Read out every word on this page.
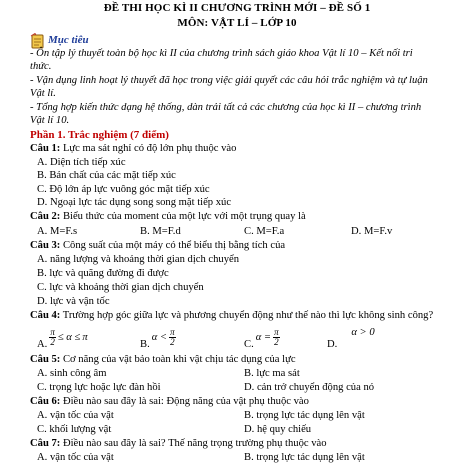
ĐỀ THI HỌC KÌ II CHƯƠNG TRÌNH MỚI – ĐỀ SỐ 1
MÔN: VẬT LÍ – LỚP 10
Mục tiêu
- Ôn tập lý thuyết toàn bộ học kì II của chương trình sách giáo khoa Vật lí 10 – Kết nối tri
thức.
- Vận dụng linh hoạt lý thuyết đã học trong việc giải quyết các câu hỏi trắc nghiệm và tự luận
Vật lí.
- Tổng hợp kiến thức dạng hệ thống, dàn trải tất cả các chương của học kì II – chương trình
Vật lí 10.
Phần 1. Trắc nghiệm (7 điểm)
Câu 1: Lực ma sát nghỉ có độ lớn phụ thuộc vào
A. Diện tích tiếp xúc
B. Bản chất của các mặt tiếp xúc
C. Độ lớn áp lực vuông góc mặt tiếp xúc
D. Ngoại lực tác dụng song song mặt tiếp xúc
Câu 2: Biểu thức của moment của một lực với một trụng quay là
A. M=F.s	B. M=F.d	C. M=F.a	D. M=F.v
Câu 3: Công suất của một máy có thể biểu thị bằng tích của
A. năng lượng và khoảng thời gian dịch chuyển
B. lực và quãng đường đi được
C. lực và khoảng thời gian dịch chuyển
D. lực và vận tốc
Câu 4: Trường hợp góc giữa lực và phương chuyển động như thế nào thì lực không sinh công?
A. $\frac{\pi}{2} \le \alpha \le \pi$
B.
$\alpha < \frac{\pi}{2}$	C.
$\alpha = \frac{\pi}{2}$	D.
α > 0
Câu 5: Cơ năng của vật bảo toàn khi vật chịu tác dụng của lực
A. sinh công âm	B. lực ma sát
C. trọng lực hoặc lực đàn hồi	D. cản trở chuyển động của nó
Câu 6: Điều nào sau đây là sai: Động năng của vật phụ thuộc vào
A. vận tốc của vật	B. trọng lực tác dụng lên vật
C. khối lượng vật	D. hệ quy chiếu
Câu 7: Điều nào sau đây là sai? Thế năng trọng trường phụ thuộc vào
A. vận tốc của vật	B. trọng lực tác dụng lên vật
